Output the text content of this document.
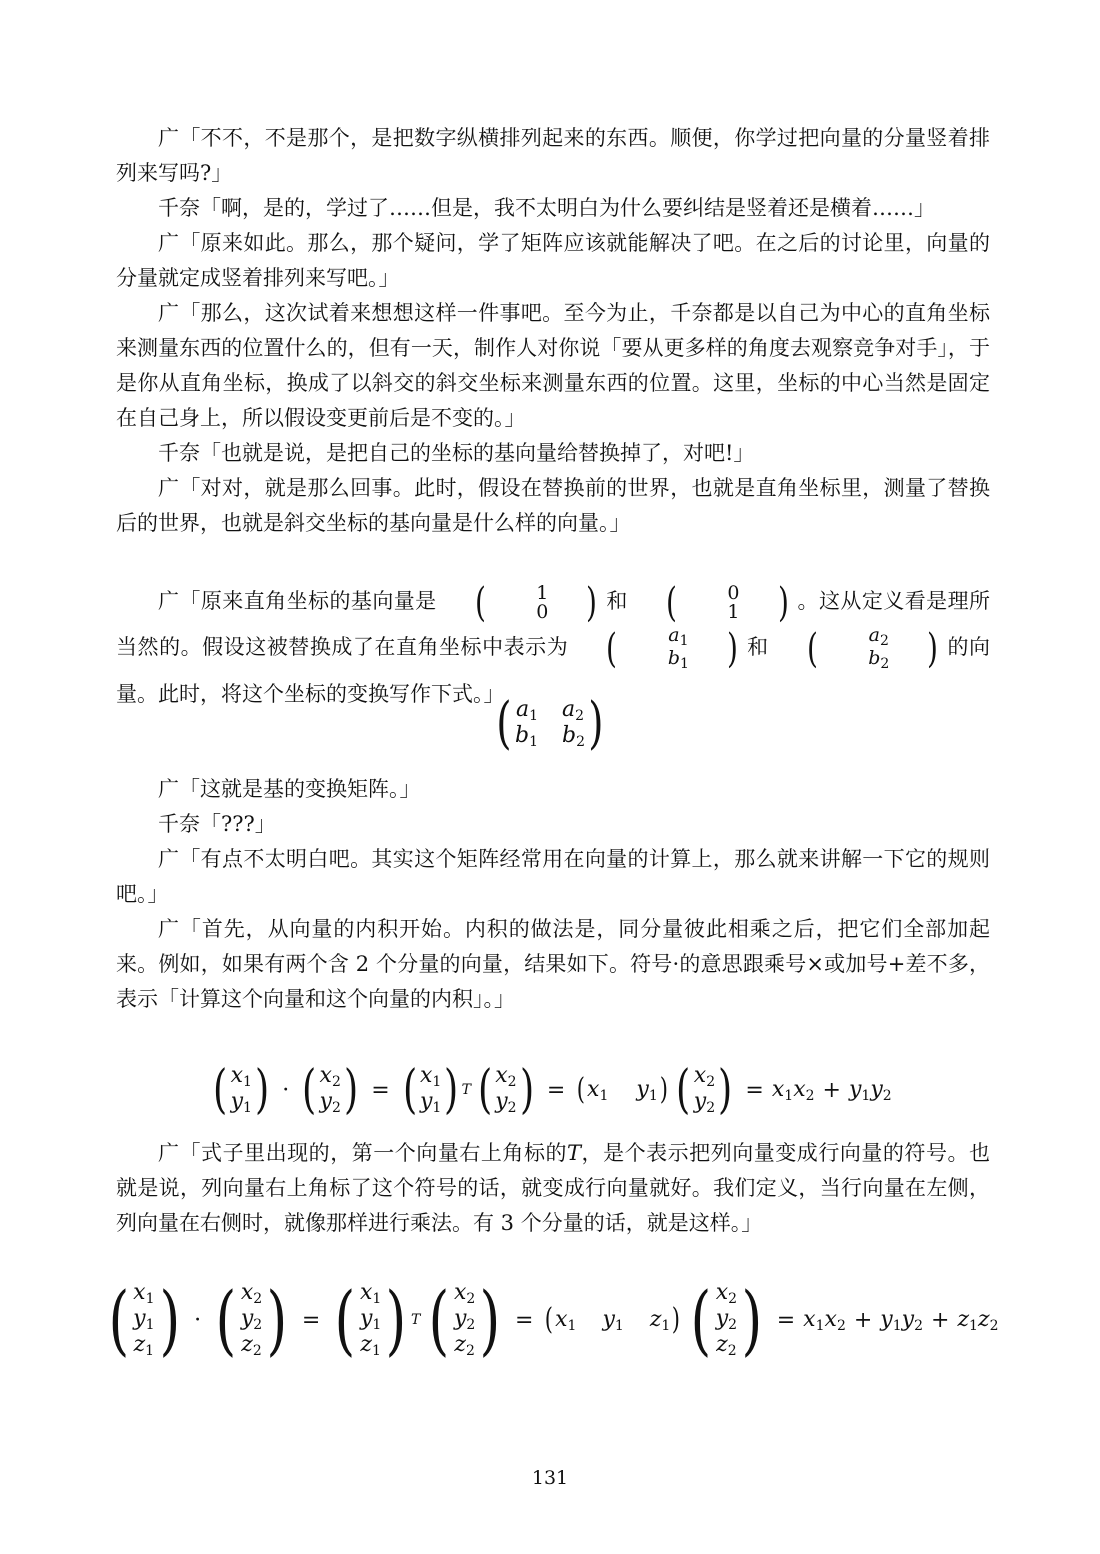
广「不不，不是那个，是把数字纵横排列起来的东西。顺便，你学过把向量的分量竖着排列来写吗?」

千奈「啊，是的，学过了……但是，我不太明白为什么要纠结是竖着还是横着……」

广「原来如此。那么，那个疑问，学了矩阵应该就能解决了吧。在之后的讨论里，向量的分量就定成竖着排列来写吧。」

广「那么，这次试着来想想这样一件事吧。至今为止，千奈都是以自己为中心的直角坐标来测量东西的位置什么的，但有一天，制作人对你说「要从更多样的角度去观察竞争对手」，于是你从直角坐标，换成了以斜交的斜交坐标来测量东西的位置。这里，坐标的中心当然是固定在自己身上，所以假设变更前后是不变的。」

千奈「也就是说，是把自己的坐标的基向量给替换掉了，对吧!」

广「对对，就是那么回事。此时，假设在替换前的世界，也就是直角坐标里，测量了替换后的世界，也就是斜交坐标的基向量是什么样的向量。」

广「原来直角坐标的基向量是 (	1
0 ) 和 (	0
1 ) 。这从定义看是理所当然的。假设这被替换成了在直角坐标中表示为 (	$a_1$
$b_1$ ) 和 (	$a_2$
$b_2$ ) 的向量。此时，将这个坐标的变换写作下式。」

( $a_1$ $a_2$
$b_1$ $b_2$ )

广「这就是基的变换矩阵。」

千奈「???」

广「有点不太明白吧。其实这个矩阵经常用在向量的计算上，那么就来讲解一下它的规则吧。」

广「首先，从向量的内积开始。内积的做法是，同分量彼此相乘之后，把它们全部加起来。例如，如果有两个含 2 个分量的向量，结果如下。符号·的意思跟乘号×或加号+差不多，表示「计算这个向量和这个向量的内积」。」

( $x_1$
$y_1$ ) · ( $x_2$
$y_2$ ) = ( $x_1$
$y_1$ ) T ( $x_2$
$y_2$ ) = ( $x_1$ $y_1$ ) ( $x_2$
$y_2$ ) = $x_1x_2 + y_1y_2$

广「式子里出现的，第一个向量右上角标的T，是个表示把列向量变成行向量的符号。也就是说，列向量右上角标了这个符号的话，就变成行向量就好。我们定义，当行向量在左侧，列向量在右侧时，就像那样进行乘法。有 3 个分量的话，就是这样。」

( $x_1$
$y_1$
$z_1$ ) · ( $x_2$
$y_2$
$z_2$ ) = ( $x_1$
$y_1$
$z_1$ ) T ( $x_2$
$y_2$
$z_2$ ) = ( $x_1$ $y_1$ $z_1$ ) ( $x_2$
$y_2$
$z_2$ ) = $x_1x_2 + y_1y_2 + z_1z_2$
131
